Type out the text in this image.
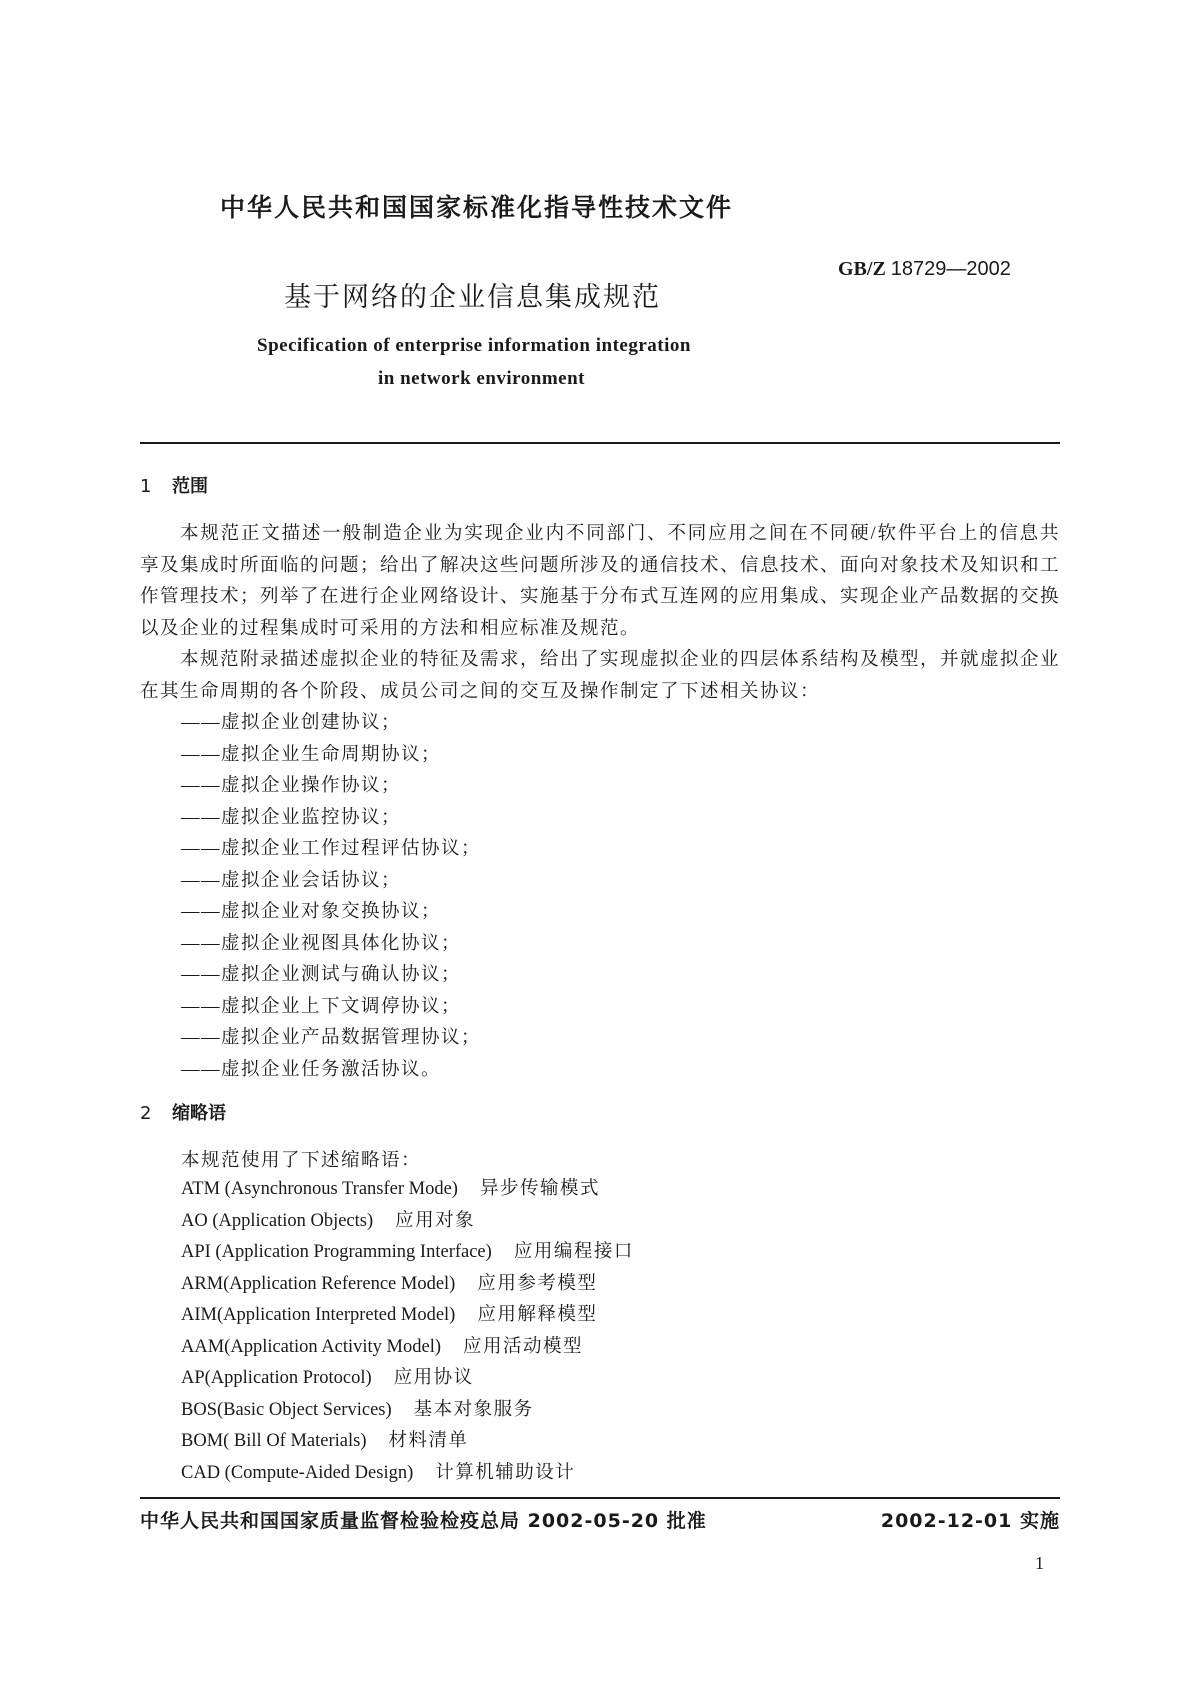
中华人民共和国国家标准化指导性技术文件
GB/Z 18729—2002
基于网络的企业信息集成规范
Specification of enterprise information integration
in network environment
1 范围
本规范正文描述一般制造企业为实现企业内不同部门、不同应用之间在不同硬/软件平台上的信息共享及集成时所面临的问题；给出了解决这些问题所涉及的通信技术、信息技术、面向对象技术及知识和工作管理技术；列举了在进行企业网络设计、实施基于分布式互连网的应用集成、实现企业产品数据的交换以及企业的过程集成时可采用的方法和相应标准及规范。
本规范附录描述虚拟企业的特征及需求，给出了实现虚拟企业的四层体系结构及模型，并就虚拟企业在其生命周期的各个阶段、成员公司之间的交互及操作制定了下述相关协议：
——虚拟企业创建协议；
——虚拟企业生命周期协议；
——虚拟企业操作协议；
——虚拟企业监控协议；
——虚拟企业工作过程评估协议；
——虚拟企业会话协议；
——虚拟企业对象交换协议；
——虚拟企业视图具体化协议；
——虚拟企业测试与确认协议；
——虚拟企业上下文调停协议；
——虚拟企业产品数据管理协议；
——虚拟企业任务激活协议。
2 缩略语
本规范使用了下述缩略语：
ATM (Asynchronous Transfer Mode) 异步传输模式
AO (Application Objects) 应用对象
API (Application Programming Interface) 应用编程接口
ARM(Application Reference Model) 应用参考模型
AIM(Application Interpreted Model) 应用解释模型
AAM(Application Activity Model) 应用活动模型
AP(Application Protocol) 应用协议
BOS(Basic Object Services) 基本对象服务
BOM( Bill Of Materials) 材料清单
CAD (Compute-Aided Design) 计算机辅助设计
中华人民共和国国家质量监督检验检疫总局 2002-05-20 批准	2002-12-01 实施
1
